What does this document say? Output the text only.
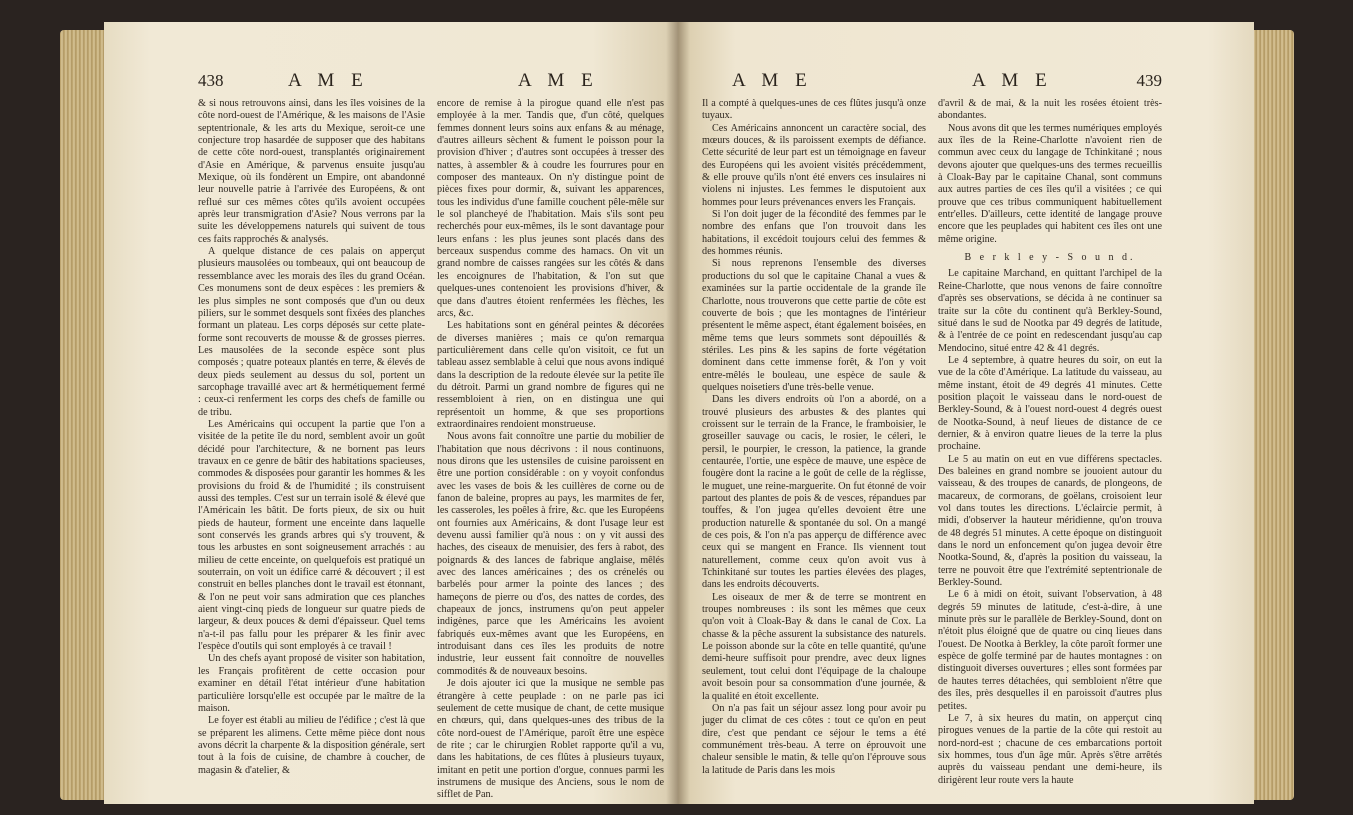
438	A M E	A M E

& si nous retrouvons ainsi, dans les îles voisines de la côte nord-ouest de l'Amérique, & les maisons de l'Asie septentrionale, & les arts du Mexique, seroit-ce une conjecture trop hasardée de supposer que des habitans de cette côte nord-ouest, transplantés originairement d'Asie en Amérique, & parvenus ensuite jusqu'au Mexique, où ils fondèrent un Empire, ont abandonné leur nouvelle patrie à l'arrivée des Européens, & ont reflué sur ces mêmes côtes qu'ils avoient occupées après leur transmigration d'Asie? Nous verrons par la suite les développemens naturels qui suivent de tous ces faits rapprochés & analysés.

A quelque distance de ces palais on apperçut plusieurs mausolées ou tombeaux, qui ont beaucoup de ressemblance avec les morais des îles du grand Océan. Ces monumens sont de deux espèces : les premiers & les plus simples ne sont composés que d'un ou deux piliers, sur le sommet desquels sont fixées des planches formant un plateau. Les corps déposés sur cette plate-forme sont recouverts de mousse & de grosses pierres. Les mausolées de la seconde espèce sont plus composés ; quatre poteaux plantés en terre, & élevés de deux pieds seulement au dessus du sol, portent un sarcophage travaillé avec art & hermétiquement fermé : ceux-ci renferment les corps des chefs de famille ou de tribu.

Les Américains qui occupent la partie que l'on a visitée de la petite île du nord, semblent avoir un goût décidé pour l'architecture, & ne bornent pas leurs travaux en ce genre de bâtir des habitations spacieuses, commodes & disposées pour garantir les hommes & les provisions du froid & de l'humidité ; ils construisent aussi des temples. C'est sur un terrain isolé & élevé que l'Américain les bâtit. De forts pieux, de six ou huit pieds de hauteur, forment une enceinte dans laquelle sont conservés les grands arbres qui s'y trouvent, & tous les arbustes en sont soigneusement arrachés : au milieu de cette enceinte, on quelquefois est pratiqué un souterrain, on voit un édifice carré & découvert ; il est construit en belles planches dont le travail est étonnant, & l'on ne peut voir sans admiration que ces planches aient vingt-cinq pieds de longueur sur quatre pieds de largeur, & deux pouces & demi d'épaisseur. Quel tems n'a-t-il pas fallu pour les préparer & les finir avec l'espèce d'outils qui sont employés à ce travail !

Un des chefs ayant proposé de visiter son habitation, les Français profitèrent de cette occasion pour examiner en détail l'état intérieur d'une habitation particulière lorsqu'elle est occupée par le maître de la maison.

Le foyer est établi au milieu de l'édifice ; c'est là que se préparent les alimens. Cette même pièce dont nous avons décrit la charpente & la disposition générale, sert tout à la fois de cuisine, de chambre à coucher, de magasin & d'atelier, &

encore de remise à la pirogue quand elle n'est pas employée à la mer. Tandis que, d'un côté, quelques femmes donnent leurs soins aux enfans & au ménage, d'autres ailleurs sèchent & fument le poisson pour la provision d'hiver ; d'autres sont occupées à tresser des nattes, à assembler & à coudre les fourrures pour en composer des manteaux. On n'y distingue point de pièces fixes pour dormir, &, suivant les apparences, tous les individus d'une famille couchent pêle-mêle sur le sol plancheyé de l'habitation. Mais s'ils sont peu recherchés pour eux-mêmes, ils le sont davantage pour leurs enfans : les plus jeunes sont placés dans des berceaux suspendus comme des hamacs. On vit un grand nombre de caisses rangées sur les côtés & dans les encoignures de l'habitation, & l'on sut que quelques-unes contenoient les provisions d'hiver, & que dans d'autres étoient renfermées les flèches, les arcs, &c.

Les habitations sont en général peintes & décorées de diverses manières ; mais ce qu'on remarqua particulièrement dans celle qu'on visitoit, ce fut un tableau assez semblable à celui que nous avons indiqué dans la description de la redoute élevée sur la petite île du détroit. Parmi un grand nombre de figures qui ne ressembloient à rien, on en distingua une qui représentoit un homme, & que ses proportions extraordinaires rendoient monstrueuse.

Nous avons fait connoître une partie du mobilier de l'habitation que nous décrivons : il nous continuons, nous dirons que les ustensiles de cuisine paroissent en être une portion considérable : on y voyoit confondus avec les vases de bois & les cuillères de corne ou de fanon de baleine, propres au pays, les marmites de fer, les casseroles, les poêles à frire, &c. que les Européens ont fournies aux Américains, & dont l'usage leur est devenu aussi familier qu'à nous : on y vit aussi des haches, des ciseaux de menuisier, des fers à rabot, des poignards & des lances de fabrique anglaise, mêlés avec des lances américaines ; des os crénelés ou barbelés pour armer la pointe des lances ; des hameçons de pierre ou d'os, des nattes de cordes, des chapeaux de joncs, instrumens qu'on peut appeler indigènes, parce que les Américains les avoient fabriqués eux-mêmes avant que les Européens, en introduisant dans ces îles les produits de notre industrie, leur eussent fait connoître de nouvelles commodités & de nouveaux besoins.

Je dois ajouter ici que la musique ne semble pas étrangère à cette peuplade : on ne parle pas ici seulement de cette musique de chant, de cette musique en chœurs, qui, dans quelques-unes des tribus de la côte nord-ouest de l'Amérique, paroît être une espèce de rite ; car le chirurgien Roblet rapporte qu'il a vu, dans les habitations, de ces flûtes à plusieurs tuyaux, imitant en petit une portion d'orgue, connues parmi les instrumens de musique des Anciens, sous le nom de sifflet de Pan.

A M E	A M E	439

Il a compté à quelques-unes de ces flûtes jusqu'à onze tuyaux.

Ces Américains annoncent un caractère social, des mœurs douces, & ils paroissent exempts de défiance. Cette sécurité de leur part est un témoignage en faveur des Européens qui les avoient visités précédemment, & elle prouve qu'ils n'ont été envers ces insulaires ni violens ni injustes. Les femmes le disputoient aux hommes pour leurs prévenances envers les Français.

Si l'on doit juger de la fécondité des femmes par le nombre des enfans que l'on trouvoit dans les habitations, il excédoit toujours celui des femmes & des hommes réunis.

Si nous reprenons l'ensemble des diverses productions du sol que le capitaine Chanal a vues & examinées sur la partie occidentale de la grande île Charlotte, nous trouverons que cette partie de côte est couverte de bois ; que les montagnes de l'intérieur présentent le même aspect, étant également boisées, en même tems que leurs sommets sont dépouillés & stériles. Les pins & les sapins de forte végétation dominent dans cette immense forêt, & l'on y voit entre-mêlés le bouleau, une espèce de saule & quelques noisetiers d'une très-belle venue.

Dans les divers endroits où l'on a abordé, on a trouvé plusieurs des arbustes & des plantes qui croissent sur le terrain de la France, le framboisier, le groseiller sauvage ou cacis, le rosier, le céleri, le persil, le pourpier, le cresson, la patience, la grande centaurée, l'ortie, une espèce de mauve, une espèce de fougère dont la racine a le goût de celle de la réglisse, le muguet, une reine-marguerite. On fut étonné de voir partout des plantes de pois & de vesces, répandues par touffes, & l'on jugea qu'elles devoient être une production naturelle & spontanée du sol. On a mangé de ces pois, & l'on n'a pas apperçu de différence avec ceux qui se mangent en France. Ils viennent tout naturellement, comme ceux qu'on avoit vus à Tchinkitané sur toutes les parties élevées des plages, dans les endroits découverts.

Les oiseaux de mer & de terre se montrent en troupes nombreuses : ils sont les mêmes que ceux qu'on voit à Cloak-Bay & dans le canal de Cox. La chasse & la pêche assurent la subsistance des naturels. Le poisson abonde sur la côte en telle quantité, qu'une demi-heure suffisoit pour prendre, avec deux lignes seulement, tout celui dont l'équipage de la chaloupe avoit besoin pour sa consommation d'une journée, & la qualité en étoit excellente.

On n'a pas fait un séjour assez long pour avoir pu juger du climat de ces côtes : tout ce qu'on en peut dire, c'est que pendant ce séjour le tems a été communément très-beau. A terre on éprouvoit une chaleur sensible le matin, & telle qu'on l'éprouve sous la latitude de Paris dans les mois

d'avril & de mai, & la nuit les rosées étoient très-abondantes.

Nous avons dit que les termes numériques employés aux îles de la Reine-Charlotte n'avoient rien de commun avec ceux du langage de Tchinkitané ; nous devons ajouter que quelques-uns des termes recueillis à Cloak-Bay par le capitaine Chanal, sont communs aux autres parties de ces îles qu'il a visitées ; ce qui prouve que ces tribus communiquent habituellement entr'elles. D'ailleurs, cette identité de langage prouve encore que les peuplades qui habitent ces îles ont une même origine.

B e r k l e y - S o u n d.

Le capitaine Marchand, en quittant l'archipel de la Reine-Charlotte, que nous venons de faire connoître d'après ses observations, se décida à ne continuer sa traite sur la côte du continent qu'à Berkley-Sound, situé dans le sud de Nootka par 49 degrés de latitude, & à l'entrée de ce point en redescendant jusqu'au cap Mendocino, situé entre 42 & 41 degrés.

Le 4 septembre, à quatre heures du soir, on eut la vue de la côte d'Amérique. La latitude du vaisseau, au même instant, étoit de 49 degrés 41 minutes. Cette position plaçoit le vaisseau dans le nord-ouest de Berkley-Sound, & à l'ouest nord-ouest 4 degrés ouest de Nootka-Sound, à neuf lieues de distance de ce dernier, & à environ quatre lieues de la terre la plus prochaine.

Le 5 au matin on eut en vue différens spectacles. Des baleines en grand nombre se jouoient autour du vaisseau, & des troupes de canards, de plongeons, de macareux, de cormorans, de goëlans, croisoient leur vol dans toutes les directions. L'éclaircie permit, à midi, d'observer la hauteur méridienne, qu'on trouva de 48 degrés 51 minutes. A cette époque on distinguoit dans le nord un enfoncement qu'on jugea devoir être Nootka-Sound, &, d'après la position du vaisseau, la terre ne pouvoit être que l'extrémité septentrionale de Berkley-Sound.

Le 6 à midi on étoit, suivant l'observation, à 48 degrés 59 minutes de latitude, c'est-à-dire, à une minute près sur le parallèle de Berkley-Sound, dont on n'étoit plus éloigné que de quatre ou cinq lieues dans l'ouest. De Nootka à Berkley, la côte paroît former une espèce de golfe terminé par de hautes montagnes : on distinguoit diverses ouvertures ; elles sont formées par de hautes terres détachées, qui sembloient n'être que des îles, près desquelles il en paroissoit d'autres plus petites.

Le 7, à six heures du matin, on apperçut cinq pirogues venues de la partie de la côte qui restoit au nord-nord-est ; chacune de ces embarcations portoit six hommes, tous d'un âge mûr. Après s'être arrêtés auprès du vaisseau pendant une demi-heure, ils dirigèrent leur route vers la haute
